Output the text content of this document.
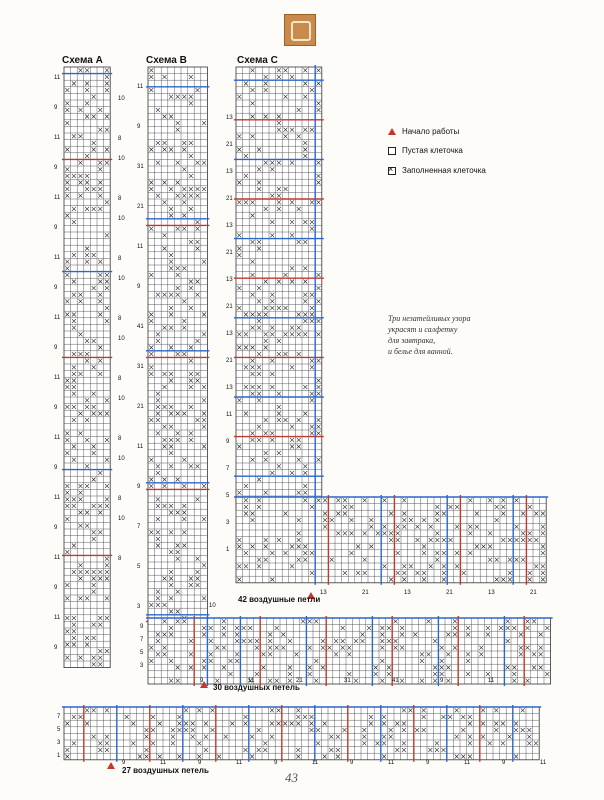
Схема A	Схема B	Схема C
Начало работы
Пустая клеточка
×
Заполненная клеточка
Три незатейливых узора
украсят и салфетку
для завтрака,
и белье для ванной.
42 воздушные петли
30 воздушных петель
27 воздушных петель	43
11
9
11
9
11
9
11
9
11
9
11
9
11
9
11
9
11
9
11
9
10
8
10
8
10
8
10
8
10
8
10
8
10
8
10
8
11
9
31
21
11
9
41
31
21
11
9
7
5
3
13
21
13
21
13
21
13
21
13
21
13
11
9
7
5
3
1
13	21	13	21	13	21
9	11	21	31	41	9	11
9	11	9	11	9	11	9	11	9	11	9	11
7
5
3
1
9
7
5
3
10
